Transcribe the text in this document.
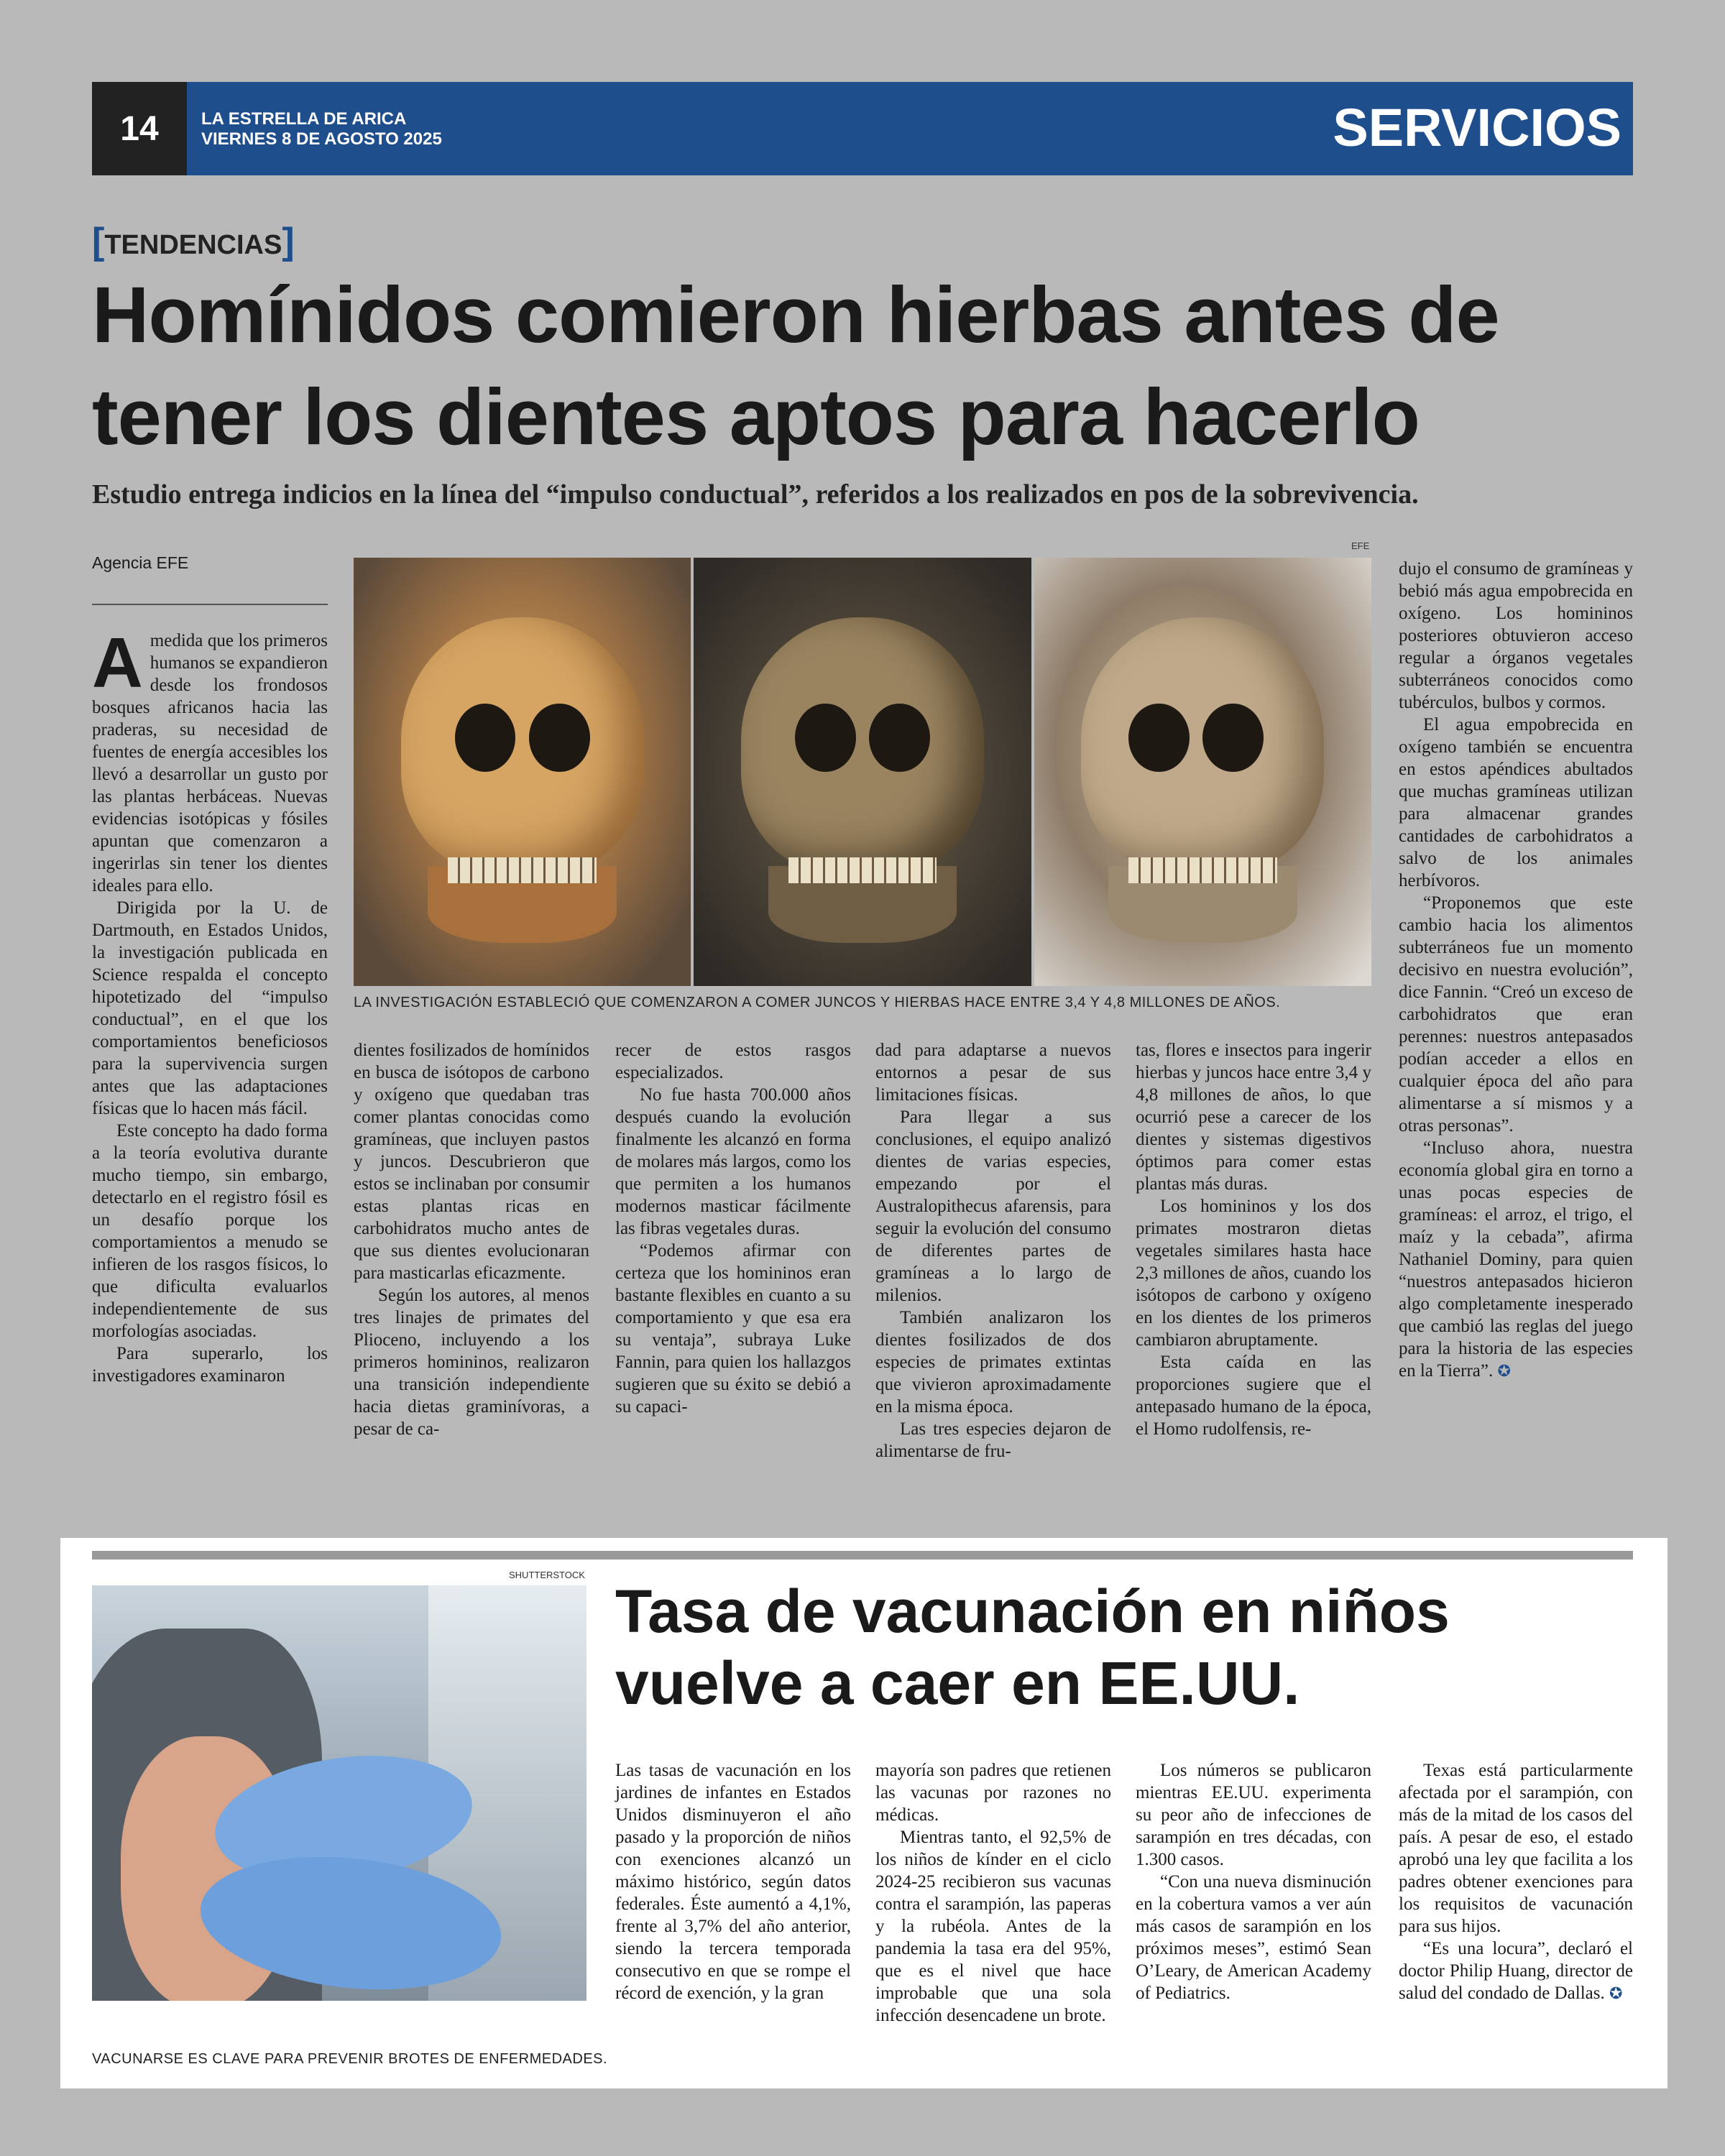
14	LA ESTRELLA DE ARICA
VIERNES 8 DE AGOSTO 2025	SERVICIOS
[TENDENCIAS]
Homínidos comieron hierbas antes de tener los dientes aptos para hacerlo
Estudio entrega indicios en la línea del “impulso conductual”, referidos a los realizados en pos de la sobrevivencia.
Agencia EFE

Amedida que los primeros humanos se expandieron desde los frondosos bosques africanos hacia las praderas, su necesidad de fuentes de energía accesibles los llevó a desarrollar un gusto por las plantas herbáceas. Nuevas evidencias isotópicas y fósiles apuntan que comenzaron a ingerirlas sin tener los dientes ideales para ello.

Dirigida por la U. de Dartmouth, en Estados Unidos, la investigación publicada en Science respalda el concepto hipotetizado del “impulso conductual”, en el que los comportamientos beneficiosos para la supervivencia surgen antes que las adaptaciones físicas que lo hacen más fácil.

Este concepto ha dado forma a la teoría evolutiva durante mucho tiempo, sin embargo, detectarlo en el registro fósil es un desafío porque los comportamientos a menudo se infieren de los rasgos físicos, lo que dificulta evaluarlos independientemente de sus morfologías asociadas.

Para superarlo, los investigadores examinaron

EFE
LA INVESTIGACIÓN ESTABLECIÓ QUE COMENZARON A COMER JUNCOS Y HIERBAS HACE ENTRE 3,4 Y 4,8 MILLONES DE AÑOS.

dientes fosilizados de homínidos en busca de isótopos de carbono y oxígeno que quedaban tras comer plantas conocidas como gramíneas, que incluyen pastos y juncos. Descubrieron que estos se inclinaban por consumir estas plantas ricas en carbohidratos mucho antes de que sus dientes evolucionaran para masticarlas eficazmente.

Según los autores, al menos tres linajes de primates del Plioceno, incluyendo a los primeros homininos, realizaron una transición independiente hacia dietas graminívoras, a pesar de ca-

recer de estos rasgos especializados.

No fue hasta 700.000 años después cuando la evolución finalmente les alcanzó en forma de molares más largos, como los que permiten a los humanos modernos masticar fácilmente las fibras vegetales duras.

“Podemos afirmar con certeza que los homininos eran bastante flexibles en cuanto a su comportamiento y que esa era su ventaja”, subraya Luke Fannin, para quien los hallazgos sugieren que su éxito se debió a su capaci-

dad para adaptarse a nuevos entornos a pesar de sus limitaciones físicas.

Para llegar a sus conclusiones, el equipo analizó dientes de varias especies, empezando por el Australopithecus afarensis, para seguir la evolución del consumo de diferentes partes de gramíneas a lo largo de milenios.

También analizaron los dientes fosilizados de dos especies de primates extintas que vivieron aproximadamente en la misma época.

Las tres especies dejaron de alimentarse de fru-

tas, flores e insectos para ingerir hierbas y juncos hace entre 3,4 y 4,8 millones de años, lo que ocurrió pese a carecer de los dientes y sistemas digestivos óptimos para comer estas plantas más duras.

Los homininos y los dos primates mostraron dietas vegetales similares hasta hace 2,3 millones de años, cuando los isótopos de carbono y oxígeno en los dientes de los primeros cambiaron abruptamente.

Esta caída en las proporciones sugiere que el antepasado humano de la época, el Homo rudolfensis, re-

dujo el consumo de gramíneas y bebió más agua empobrecida en oxígeno. Los homininos posteriores obtuvieron acceso regular a órganos vegetales subterráneos conocidos como tubérculos, bulbos y cormos.

El agua empobrecida en oxígeno también se encuentra en estos apéndices abultados que muchas gramíneas utilizan para almacenar grandes cantidades de carbohidratos a salvo de los animales herbívoros.

“Proponemos que este cambio hacia los alimentos subterráneos fue un momento decisivo en nuestra evolución”, dice Fannin. “Creó un exceso de carbohidratos que eran perennes: nuestros antepasados podían acceder a ellos en cualquier época del año para alimentarse a sí mismos y a otras personas”.

“Incluso ahora, nuestra economía global gira en torno a unas pocas especies de gramíneas: el arroz, el trigo, el maíz y la cebada”, afirma Nathaniel Dominy, para quien “nuestros antepasados hicieron algo completamente inesperado que cambió las reglas del juego para la historia de las especies en la Tierra”. ✪

SHUTTERSTOCK
VACUNARSE ES CLAVE PARA PREVENIR BROTES DE ENFERMEDADES.
Tasa de vacunación en niños vuelve a caer en EE.UU.

Las tasas de vacunación en los jardines de infantes en Estados Unidos disminuyeron el año pasado y la proporción de niños con exenciones alcanzó un máximo histórico, según datos federales. Éste aumentó a 4,1%, frente al 3,7% del año anterior, siendo la tercera temporada consecutivo en que se rompe el récord de exención, y la gran

mayoría son padres que retienen las vacunas por razones no médicas.

Mientras tanto, el 92,5% de los niños de kínder en el ciclo 2024-25 recibieron sus vacunas contra el sarampión, las paperas y la rubéola. Antes de la pandemia la tasa era del 95%, que es el nivel que hace improbable que una sola infección desencadene un brote.

Los números se publicaron mientras EE.UU. experimenta su peor año de infecciones de sarampión en tres décadas, con 1.300 casos.

“Con una nueva disminución en la cobertura vamos a ver aún más casos de sarampión en los próximos meses”, estimó Sean O’Leary, de American Academy of Pediatrics.

Texas está particularmente afectada por el sarampión, con más de la mitad de los casos del país. A pesar de eso, el estado aprobó una ley que facilita a los padres obtener exenciones para los requisitos de vacunación para sus hijos.

“Es una locura”, declaró el doctor Philip Huang, director de salud del condado de Dallas. ✪
